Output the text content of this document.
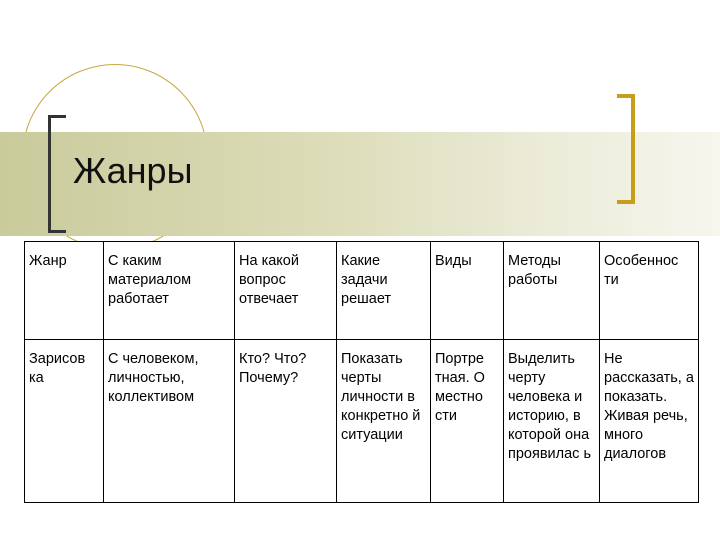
Жанры
Жанр	С каким материалом работает	На какой вопрос отвечает	Какие задачи решает	Виды	Методы работы	Особеннос ти
Зарисов ка	С человеком, личностью, коллективом	Кто? Что? Почему?	Показать черты личности в конкретно й ситуации	Портре тная. О местно сти	Выделить черту человека и историю, в которой она проявилас ь	Не рассказать, а показать. Живая речь, много диалогов
